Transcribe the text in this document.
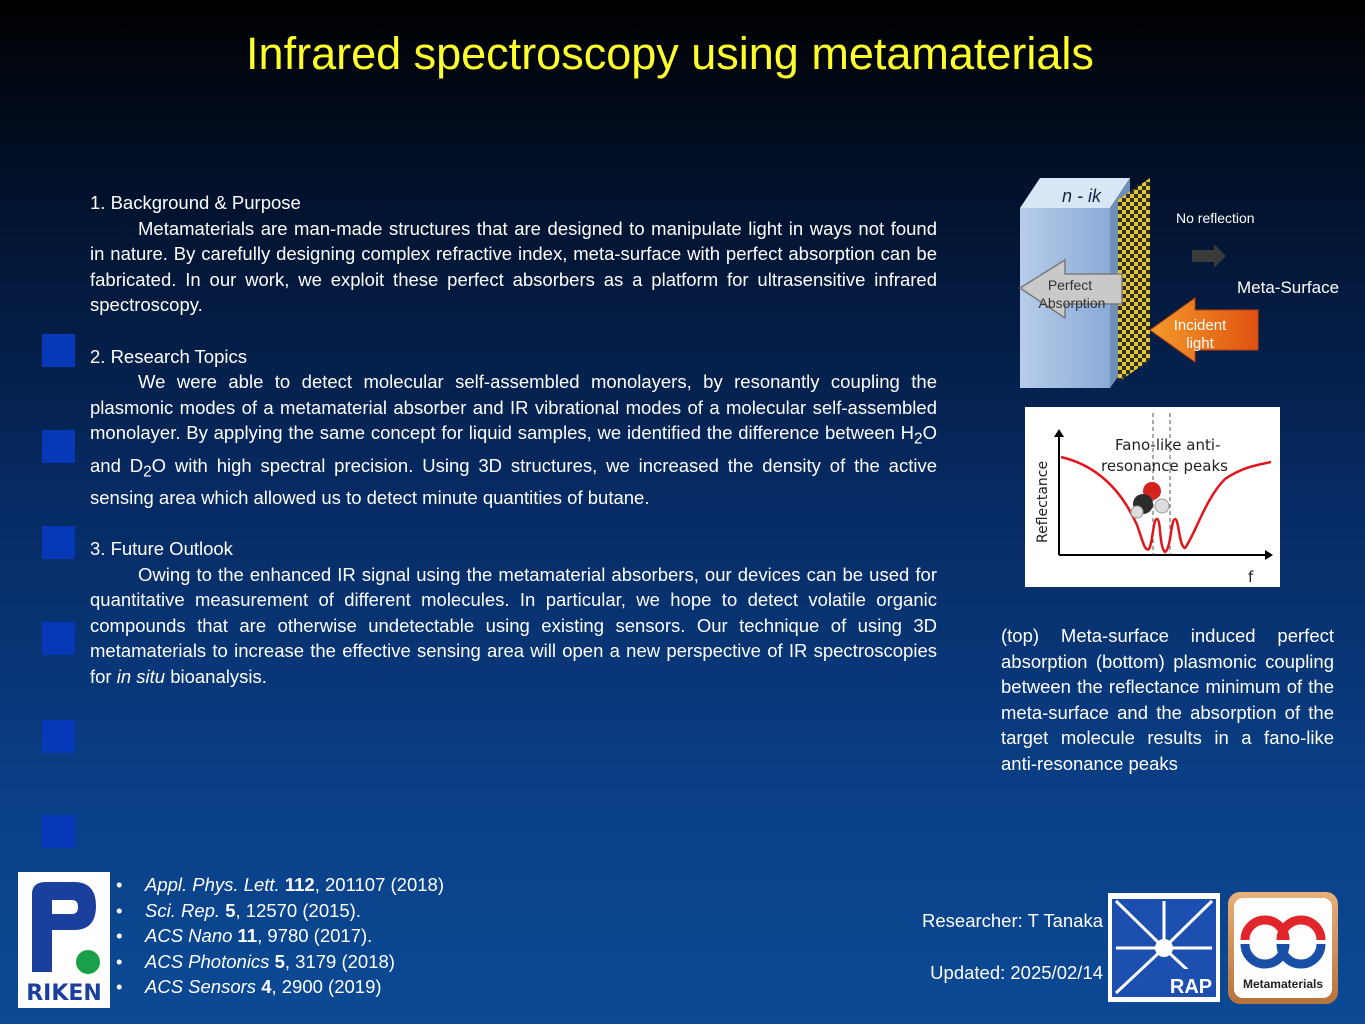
Infrared spectroscopy using metamaterials

1. Background & Purpose

Metamaterials are man-made structures that are designed to manipulate light in ways not found in nature. By carefully designing complex refractive index, meta-surface with perfect absorption can be fabricated. In our work, we exploit these perfect absorbers as a platform for ultrasensitive infrared spectroscopy.

2. Research Topics

We were able to detect molecular self-assembled monolayers, by resonantly coupling the plasmonic modes of a metamaterial absorber and IR vibrational modes of a molecular self-assembled monolayer. By applying the same concept for liquid samples, we identified the difference between $H_2O$ and $D_2O$ with high spectral precision. Using 3D structures, we increased the density of the active sensing area which allowed us to detect minute quantities of butane.

3. Future Outlook

Owing to the enhanced IR signal using the metamaterial absorbers, our devices can be used for quantitative measurement of different molecules. In particular, we hope to detect volatile organic compounds that are otherwise undetectable using existing sensors. Our technique of using 3D metamaterials to increase the effective sensing area will open a new perspective of IR spectroscopies for in situ bioanalysis.

n - ik
Perfect
Absorption
Incident
light
No reflection
Meta-Surface
Fano-like anti-
resonance peaks
Reflectance
f
(top) Meta-surface induced perfect absorption (bottom) plasmonic coupling between the reflectance minimum of the meta-surface and the absorption of the target molecule results in a fano-like anti-resonance peaks
RIKEN
• Appl. Phys. Lett. 112, 201107 (2018)
• Sci. Rep. 5, 12570 (2015).
• ACS Nano 11, 9780 (2017).
• ACS Photonics 5, 3179 (2018)
• ACS Sensors 4, 2900 (2019)
Researcher: T Tanaka
Updated: 2025/02/14
RAP	Metamaterials
